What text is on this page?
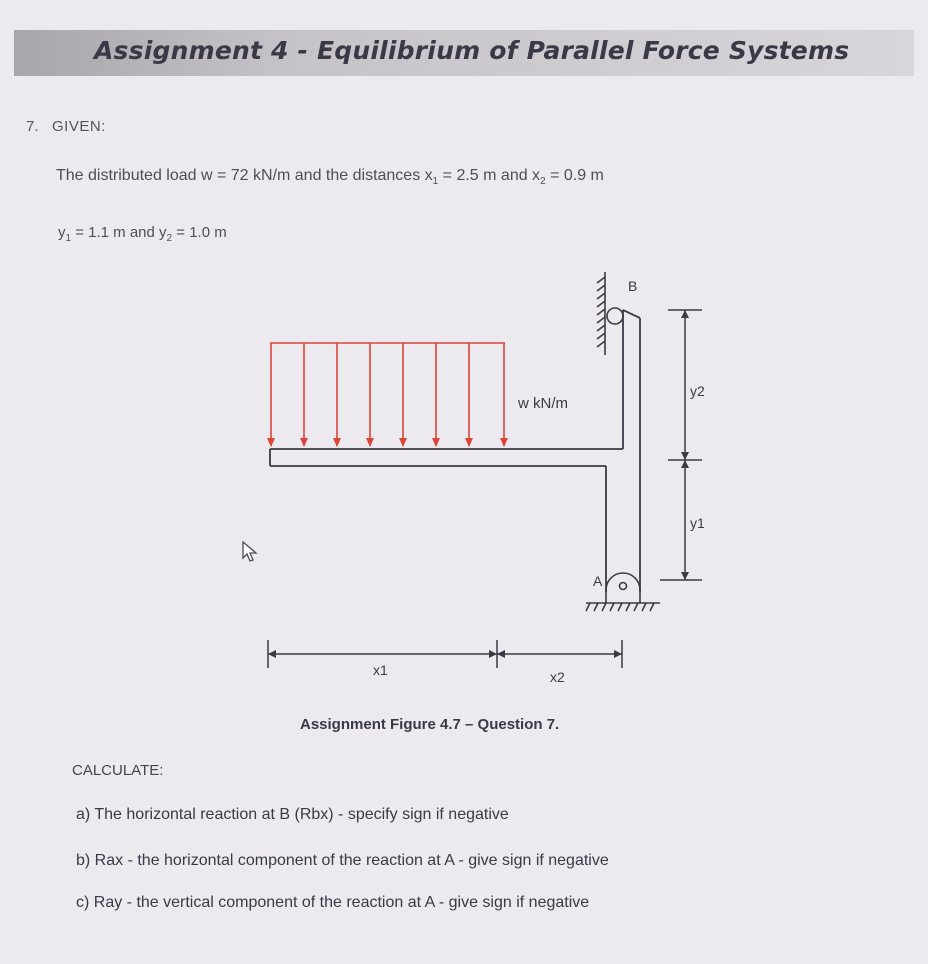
Assignment 4 - Equilibrium of Parallel Force Systems
7. GIVEN:
The distributed load w = 72 kN/m and the distances $x_1 = 2.5$ m and $x_2 = 0.9$ m
$y_1 = 1.1$ m and $y_2 = 1.0$ m
B
A
w kN/m
y2
y1
x1	x2
Assignment Figure 4.7 – Question 7.
CALCULATE:
a) The horizontal reaction at B (Rbx) - specify sign if negative
b) Rax - the horizontal component of the reaction at A - give sign if negative
c) Ray - the vertical component of the reaction at A - give sign if negative
